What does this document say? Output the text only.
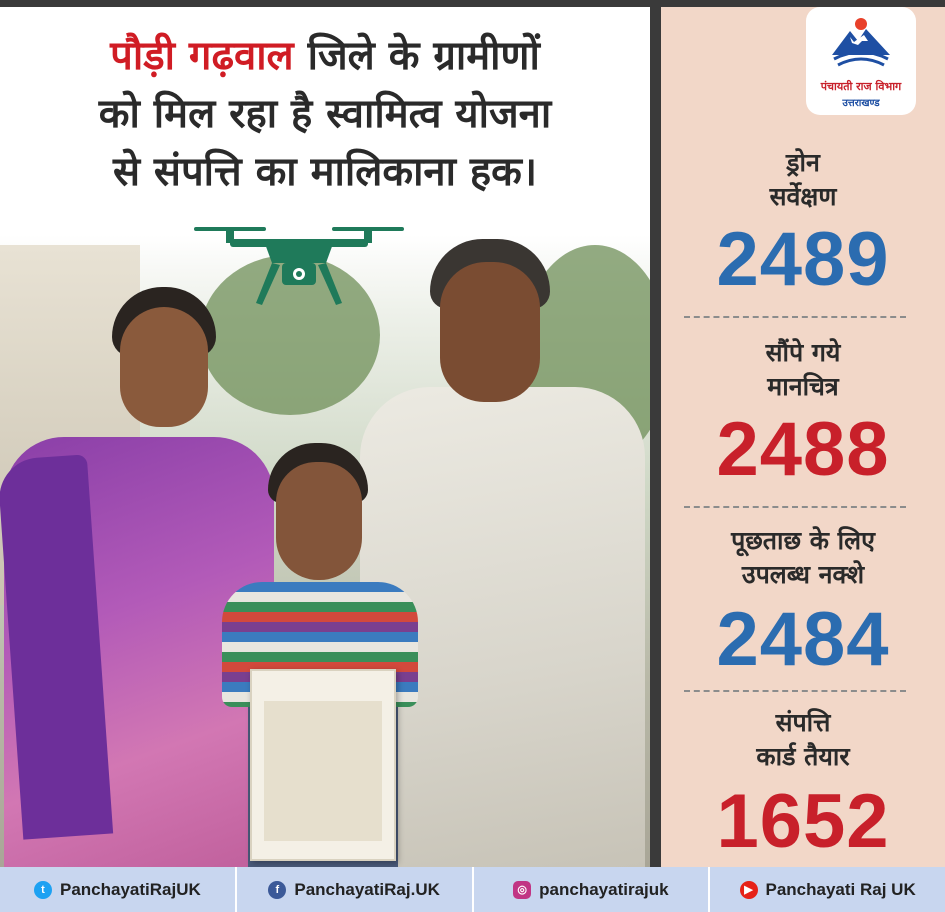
पौड़ी गढ़वाल जिले के ग्रामीणों
को मिल रहा है स्वामित्व योजना
से संपत्ति का मालिकाना हक।
पंचायती राज विभाग
उत्तराखण्ड
ड्रोन
सर्वेक्षण
2489
सौंपे गये
मानचित्र
2488
पूछताछ के लिए
उपलब्ध नक्शे
2484
संपत्ति
कार्ड तैयार
1652
t PanchayatiRajUK	f PanchayatiRaj.UK	◎ panchayatirajuk	▶ Panchayati Raj UK
